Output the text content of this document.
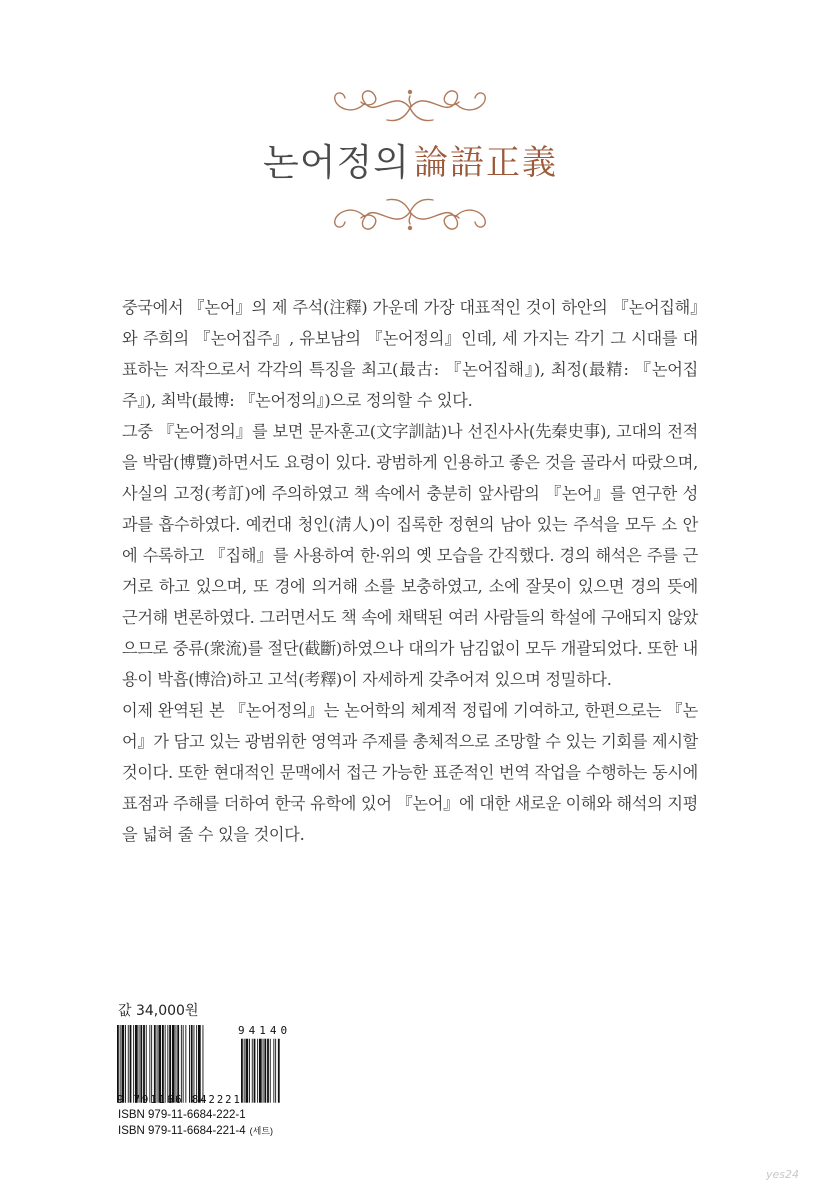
논어정의 論語正義

중국에서 『논어』의 제 주석(注釋) 가운데 가장 대표적인 것이 하안의 『논어집해』와 주희의 『논어집주』, 유보남의 『논어정의』인데, 세 가지는 각기 그 시대를 대표하는 저작으로서 각각의 특징을 최고(最古: 『논어집해』), 최정(最精: 『논어집주』), 최박(最博: 『논어정의』)으로 정의할 수 있다.

그중 『논어정의』를 보면 문자훈고(文字訓詁)나 선진사사(先秦史事), 고대의 전적을 박람(博覽)하면서도 요령이 있다. 광범하게 인용하고 좋은 것을 골라서 따랐으며, 사실의 고정(考訂)에 주의하였고 책 속에서 충분히 앞사람의 『논어』를 연구한 성과를 흡수하였다. 예컨대 청인(淸人)이 집록한 정현의 남아 있는 주석을 모두 소 안에 수록하고 『집해』를 사용하여 한·위의 옛 모습을 간직했다. 경의 해석은 주를 근거로 하고 있으며, 또 경에 의거해 소를 보충하였고, 소에 잘못이 있으면 경의 뜻에 근거해 변론하였다. 그러면서도 책 속에 채택된 여러 사람들의 학설에 구애되지 않았으므로 중류(衆流)를 절단(截斷)하였으나 대의가 남김없이 모두 개괄되었다. 또한 내용이 박흡(博洽)하고 고석(考釋)이 자세하게 갖추어져 있으며 정밀하다.

이제 완역된 본 『논어정의』는 논어학의 체계적 정립에 기여하고, 한편으로는 『논어』가 담고 있는 광범위한 영역과 주제를 총체적으로 조망할 수 있는 기회를 제시할 것이다. 또한 현대적인 문맥에서 접근 가능한 표준적인 번역 작업을 수행하는 동시에 표점과 주해를 더하여 한국 유학에 있어 『논어』에 대한 새로운 이해와 해석의 지평을 넓혀 줄 수 있을 것이다.

값 34,000원
94140
9 791166 842221
ISBN 979-11-6684-222-1
ISBN 979-11-6684-221-4 (세트)
yes24
